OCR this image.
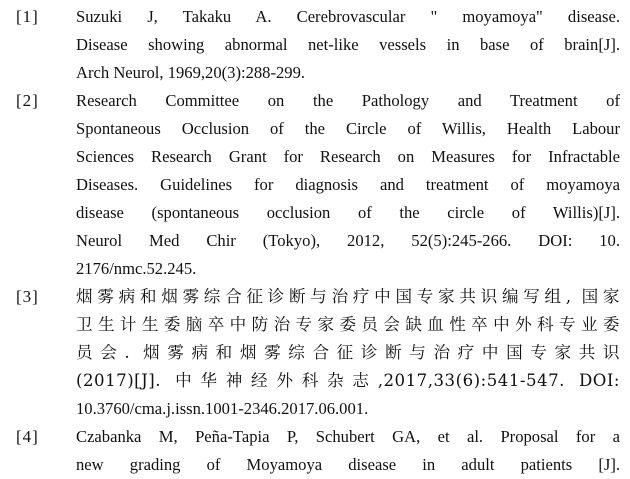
[1] Suzuki J, Takaku A. Cerebrovascular " moyamoya" disease.
Disease showing abnormal net-like vessels in base of brain[J].
Arch Neurol, 1969,20(3):288-299.
[2] Research Committee on the Pathology and Treatment of
Spontaneous Occlusion of the Circle of Willis, Health Labour
Sciences Research Grant for Research on Measures for Infractable
Diseases. Guidelines for diagnosis and treatment of moyamoya
disease (spontaneous occlusion of the circle of Willis)[J].
Neurol Med Chir (Tokyo), 2012, 52(5):245-266. DOI: 10.
2176/nmc.52.245.
[3] 烟雾病和烟雾综合征诊断与治疗中国专家共识编写组, 国家
卫生计生委脑卒中防治专家委员会缺血性卒中外科专业委
员会. 烟雾病和烟雾综合征诊断与治疗中国专家共识
(2017)[J]. 中华神经外科杂志,2017,33(6):541-547. DOI:
10.3760/cma.j.issn.1001-2346.2017.06.001.
[4] Czabanka M, Peña-Tapia P, Schubert GA, et al. Proposal for a
new grading of Moyamoya disease in adult patients [J].
